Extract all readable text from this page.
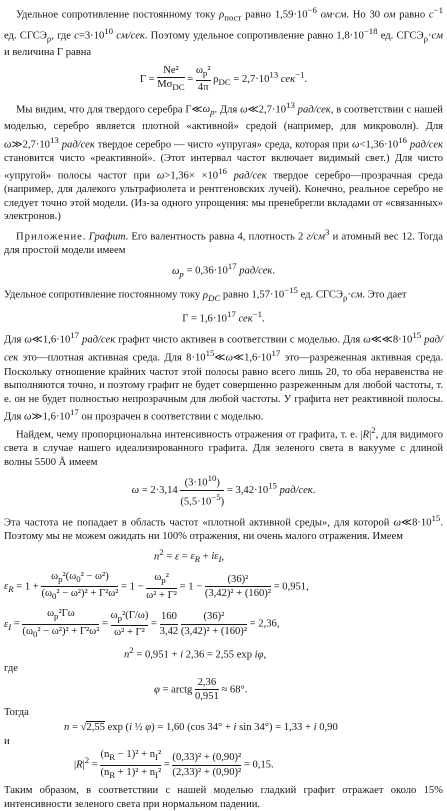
Удельное сопротивление постоянному току $\rho_{пост}$ равно $1,59\cdot 10^{-6}$ ом·см. Но 30 ом равно $c^{-1}$ ед. $СГСЭ_\rho$, где $c=3\cdot 10^{10}$ см/сек. Поэтому удельное сопротивление равно $1,8\cdot 10^{-18}$ ед. $СГСЭ_\rho\cdot см$ и величина Γ равна

Γ =
Ne²
$M\sigma_{DC}$
= $\frac{\omega_p^2}{4\pi} \rho_{DC} = 2,7\cdot 10^{13}$ сек$^{-1}$.

Мы видим, что для твердого серебра $\Gamma≪\omega_p$. Для $\omega≪2,7\cdot 10^{13}$ рад/сек, в соответствии с нашей моделью, серебро является плотной «активной» средой (например, для микроволн). Для $\omega≫2,7\cdot 10^{13}$ рад/сек твердое серебро — чисто «упругая» среда, которая при $\omega<1,36\cdot 10^{16}$ рад/сек становится чисто «реактивной». (Этот интервал частот включает видимый свет.) Для чисто «упругой» полосы частот при $\omega>1,36\times \times 10^{16}$ рад/сек твердое серебро—прозрачная среда (например, для далекого ультрафиолета и рентгеновских лучей). Конечно, реальное серебро не следует точно этой модели. (Из-за одного упрощения: мы пренебрегли вкладами от «связанных» электронов.)

Приложение. Графит. Его валентность равна 4, плотность 2 $г/см^3$ и атомный вес 12. Тогда для простой модели имеем

$\omega_p = 0,36\cdot 10^{17}$ рад/сек.

Удельное сопротивление постоянному току $\rho_{DC}$ равно $1,57\cdot 10^{-15}$ ед. $СГСЭ_\rho\cdot см$. Это дает

$\Gamma = 1,6\cdot 10^{17}$ сек$^{-1}$.

Для $\omega≪1,6\cdot 10^{17}$ рад/сек графит чисто активен в соответствии с моделью. Для $\omega≪≪8\cdot 10^{15}$ рад/сек это—плотная активная среда. Для $8\cdot 10^{15}≪\omega≪1,6\cdot 10^{17}$ это—разреженная активная среда. Поскольку отношение крайних частот этой полосы равно всего лишь 20, то оба неравенства не выполняются точно, и поэтому графит не будет совершенно разреженным для любой частоты, т. е. он не будет полностью непрозрачным для любой частоты. У графита нет реактивной полосы. Для $\omega≫1,6\cdot 10^{17}$ он прозрачен в соответствии с моделью.

Найдем, чему пропорциональна интенсивность отражения от графита, т. е. $|R|^2$, для видимого света в случае нашего идеализированного графита. Для зеленого света в вакууме с длиной волны 5500 Å имеем

$\omega = 2\cdot 3,14 \frac{(3\cdot 10^{10})}{(5,5\cdot 10^{-5})} = 3,42\cdot 10^{15}$ рад/сек.

Эта частота не попадает в область частот «плотной активной среды», для которой $\omega≪8\cdot 10^{15}$. Поэтому мы не можем ожидать ни 100% отражения, ни очень малого отражения. Имеем

$n^2 = \varepsilon = \varepsilon_R + i\varepsilon_I$,
$\varepsilon_R = 1 + \frac{\omega_p^2(\omega_0^2 - \omega^2)}{(\omega_0^2 - \omega^2)^2 + \Gamma^2\omega^2} = 1 - \frac{\omega_p^2}{\text{ω² + Γ²}} = 1 - \frac{\text{(36)²}}{\text{(3,42)² + (160)²}} = 0,951$,
$\varepsilon_I = \frac{\omega_p^2\Gamma\omega}{(\omega_0^2 - \omega^2)^2 + \Gamma^2\omega^2} = \frac{\omega_p^2(\Gamma/\omega)}{\text{ω² + Γ²}} = \frac{160}{3,42}$
$\frac{\text{(36)²}}{\text{(3,42)² + (160)²}} = 2,36$,
$n^2 = 0,951 + i$ 2,36 = 2,55 exp iφ,
где
φ = arctg $\frac{2,36}{0,951} \approx 68^\circ$.
Тогда
n = √2,55 exp (i ½ φ) = 1,60 (cos 34° + i sin 34°) = 1,33 + i 0,90
и
$|R|^2 = \frac{(n_R - 1)^2 + n_I^2}{(n_R + 1)^2 + n_I^2} = \frac{\text{(0,33)² + (0,90)²}}{\text{(2,33)² + (0,90)²}} = 0,15$.

Таким образом, в соответствии с нашей моделью гладкий графит отражает около 15% интенсивности зеленого света при нормальном падении.
